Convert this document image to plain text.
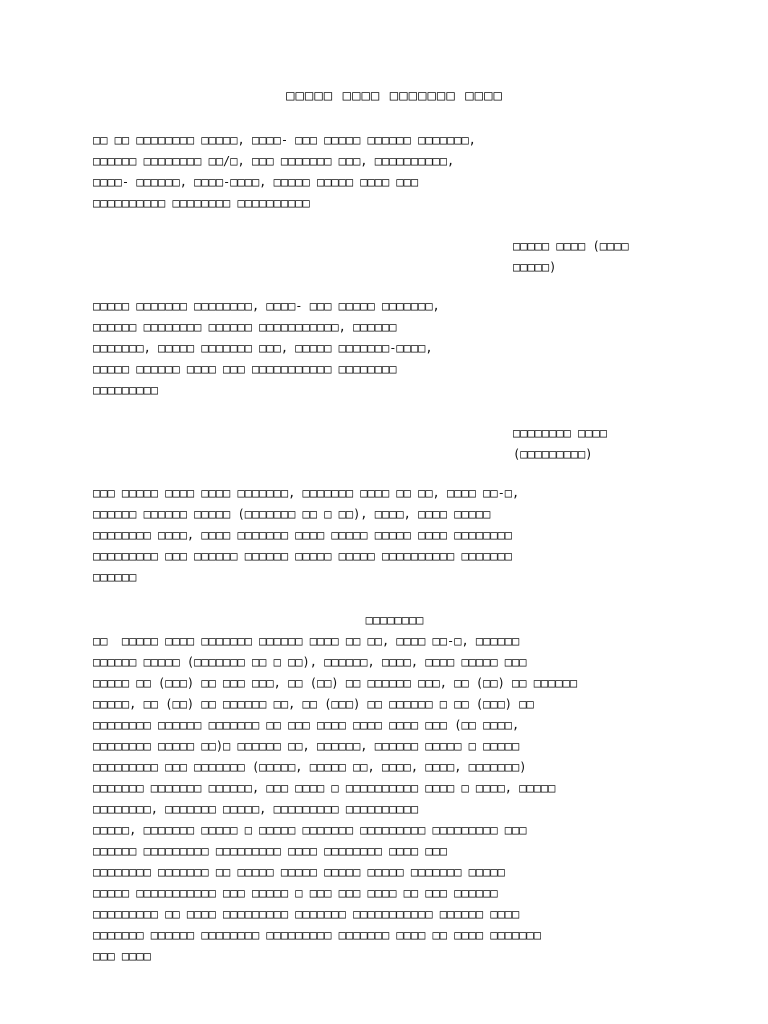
□□□□□ □□□□ □□□□□□□ □□□□
□□ □□ □□□□□□□□ □□□□□, □□□□- □□□ □□□□□ □□□□□□ □□□□□□□,
□□□□□□ □□□□□□□□ □□/□, □□□ □□□□□□□ □□□, □□□□□□□□□□,
□□□□- □□□□□□, □□□□-□□□□, □□□□□ □□□□□ □□□□ □□□
□□□□□□□□□□ □□□□□□□□ □□□□□□□□□□
□□□□□ □□□□ (□□□□
□□□□□)
□□□□□ □□□□□□□ □□□□□□□□, □□□□- □□□ □□□□□ □□□□□□□,
□□□□□□ □□□□□□□□ □□□□□□ □□□□□□□□□□□, □□□□□□
□□□□□□□, □□□□□ □□□□□□□ □□□, □□□□□ □□□□□□□-□□□□,
□□□□□ □□□□□□ □□□□ □□□ □□□□□□□□□□□ □□□□□□□□
□□□□□□□□□
□□□□□□□□ □□□□
(□□□□□□□□□)
□□□ □□□□□ □□□□ □□□□ □□□□□□□, □□□□□□□ □□□□ □□ □□, □□□□ □□-□,
□□□□□□ □□□□□□ □□□□□ (□□□□□□□ □□ □ □□), □□□□, □□□□ □□□□□
□□□□□□□□ □□□□, □□□□ □□□□□□□ □□□□ □□□□□ □□□□□ □□□□ □□□□□□□□
□□□□□□□□□ □□□ □□□□□□ □□□□□□ □□□□□ □□□□□ □□□□□□□□□□ □□□□□□□
□□□□□□
□□□□□□□□
□□  □□□□□ □□□□ □□□□□□□ □□□□□□ □□□□ □□ □□, □□□□ □□-□, □□□□□□
□□□□□□ □□□□□ (□□□□□□□ □□ □ □□), □□□□□□, □□□□, □□□□ □□□□□ □□□
□□□□□ □□ (□□□) □□ □□□ □□□, □□ (□□) □□ □□□□□□ □□□, □□ (□□) □□ □□□□□□
□□□□□, □□ (□□) □□ □□□□□□ □□, □□ (□□□) □□ □□□□□□ □ □□ (□□□) □□
□□□□□□□□ □□□□□□ □□□□□□□ □□ □□□ □□□□ □□□□ □□□□ □□□ (□□ □□□□,
□□□□□□□□ □□□□□ □□)□ □□□□□□ □□, □□□□□□, □□□□□□ □□□□□ □ □□□□□
□□□□□□□□□ □□□ □□□□□□□ (□□□□□, □□□□□ □□, □□□□, □□□□, □□□□□□□)
□□□□□□□ □□□□□□□ □□□□□□, □□□ □□□□ □ □□□□□□□□□□ □□□□ □ □□□□, □□□□□
□□□□□□□□, □□□□□□□ □□□□□, □□□□□□□□□ □□□□□□□□□□
□□□□□, □□□□□□□ □□□□□ □ □□□□□ □□□□□□□ □□□□□□□□□ □□□□□□□□□ □□□
□□□□□□ □□□□□□□□□ □□□□□□□□□ □□□□ □□□□□□□□ □□□□ □□□
□□□□□□□□ □□□□□□□ □□ □□□□□ □□□□□ □□□□□ □□□□□ □□□□□□□ □□□□□
□□□□□ □□□□□□□□□□□ □□□ □□□□□ □ □□□ □□□ □□□□ □□ □□□ □□□□□□
□□□□□□□□□ □□ □□□□ □□□□□□□□□ □□□□□□□ □□□□□□□□□□□ □□□□□□ □□□□
□□□□□□□ □□□□□□ □□□□□□□□ □□□□□□□□□ □□□□□□□ □□□□ □□ □□□□ □□□□□□□
□□□ □□□□
